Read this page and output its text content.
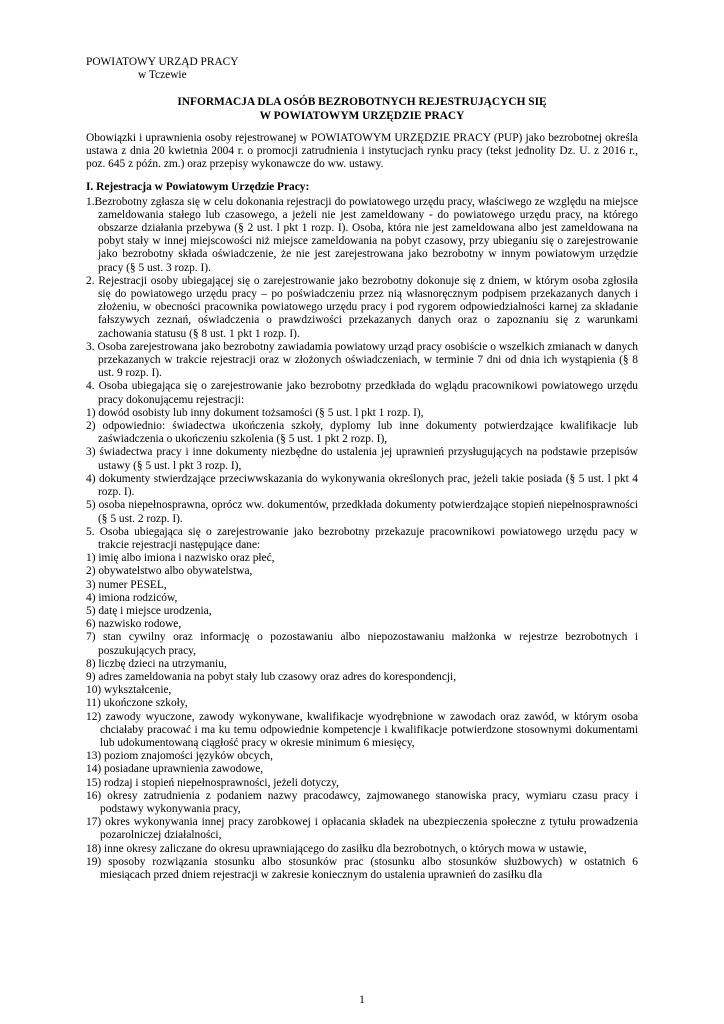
POWIATOWY URZĄD PRACY
w Tczewie
INFORMACJA DLA OSÓB BEZROBOTNYCH REJESTRUJĄCYCH SIĘ
W POWIATOWYM URZĘDZIE PRACY
Obowiązki i uprawnienia osoby rejestrowanej w POWIATOWYM URZĘDZIE PRACY (PUP) jako bezrobotnej określa ustawa z dnia 20 kwietnia 2004 r. o promocji zatrudnienia i instytucjach rynku pracy (tekst jednolity Dz. U. z 2016 r., poz. 645 z późn. zm.) oraz przepisy wykonawcze do ww. ustawy.
I. Rejestracja w Powiatowym Urzędzie Pracy:
1.Bezrobotny zgłasza się w celu dokonania rejestracji do powiatowego urzędu pracy, właściwego ze względu na miejsce zameldowania stałego lub czasowego, a jeżeli nie jest zameldowany - do powiatowego urzędu pracy, na którego obszarze działania przebywa (§ 2 ust. l pkt 1 rozp. I). Osoba, która nie jest zameldowana albo jest zameldowana na pobyt stały w innej miejscowości niż miejsce zameldowania na pobyt czasowy, przy ubieganiu się o zarejestrowanie jako bezrobotny składa oświadczenie, że nie jest zarejestrowana jako bezrobotny w innym powiatowym urzędzie pracy (§ 5 ust. 3 rozp. I).
2. Rejestracji osoby ubiegającej się o zarejestrowanie jako bezrobotny dokonuje się z dniem, w którym osoba zgłosiła się do powiatowego urzędu pracy – po poświadczeniu przez nią własnoręcznym podpisem przekazanych danych i złożeniu, w obecności pracownika powiatowego urzędu pracy i pod rygorem odpowiedzialności karnej za składanie fałszywych zeznań, oświadczenia o prawdziwości przekazanych danych oraz o zapoznaniu się z warunkami zachowania statusu (§ 8 ust. 1 pkt 1 rozp. I).
3. Osoba zarejestrowana jako bezrobotny zawiadamia powiatowy urząd pracy osobiście o wszelkich zmianach w danych przekazanych w trakcie rejestracji oraz w złożonych oświadczeniach, w terminie 7 dni od dnia ich wystąpienia (§ 8 ust. 9 rozp. I).
4. Osoba ubiegająca się o zarejestrowanie jako bezrobotny przedkłada do wglądu pracownikowi powiatowego urzędu pracy dokonującemu rejestracji:
1) dowód osobisty lub inny dokument tożsamości (§ 5 ust. l pkt 1 rozp. I),
2) odpowiednio: świadectwa ukończenia szkoły, dyplomy lub inne dokumenty potwierdzające kwalifikacje lub zaświadczenia o ukończeniu szkolenia (§ 5 ust. 1 pkt 2 rozp. I),
3) świadectwa pracy i inne dokumenty niezbędne do ustalenia jej uprawnień przysługujących na podstawie przepisów ustawy (§ 5 ust. l pkt 3 rozp. I),
4) dokumenty stwierdzające przeciwwskazania do wykonywania określonych prac, jeżeli takie posiada (§ 5 ust. l pkt 4 rozp. I).
5) osoba niepełnosprawna, oprócz ww. dokumentów, przedkłada dokumenty potwierdzające stopień niepełnosprawności (§ 5 ust. 2 rozp. I).
5. Osoba ubiegająca się o zarejestrowanie jako bezrobotny przekazuje pracownikowi powiatowego urzędu pacy w trakcie rejestracji następujące dane:
1) imię albo imiona i nazwisko oraz płeć,
2) obywatelstwo albo obywatelstwa,
3) numer PESEL,
4) imiona rodziców,
5) datę i miejsce urodzenia,
6) nazwisko rodowe,
7) stan cywilny oraz informację o pozostawaniu albo niepozostawaniu małżonka w rejestrze bezrobotnych i poszukujących pracy,
8) liczbę dzieci na utrzymaniu,
9) adres zameldowania na pobyt stały lub czasowy oraz adres do korespondencji,
10) wykształcenie,
11) ukończone szkoły,
12) zawody wyuczone, zawody wykonywane, kwalifikacje wyodrębnione w zawodach oraz zawód, w którym osoba chciałaby pracować i ma ku temu odpowiednie kompetencje i kwalifikacje potwierdzone stosownymi dokumentami lub udokumentowaną ciągłość pracy w okresie minimum 6 miesięcy,
13) poziom znajomości języków obcych,
14) posiadane uprawnienia zawodowe,
15) rodzaj i stopień niepełnosprawności, jeżeli dotyczy,
16) okresy zatrudnienia z podaniem nazwy pracodawcy, zajmowanego stanowiska pracy, wymiaru czasu pracy i podstawy wykonywania pracy,
17) okres wykonywania innej pracy zarobkowej i opłacania składek na ubezpieczenia społeczne z tytułu prowadzenia pozarolniczej działalności,
18) inne okresy zaliczane do okresu uprawniającego do zasiłku dla bezrobotnych, o których mowa w ustawie,
19) sposoby rozwiązania stosunku albo stosunków prac (stosunku albo stosunków służbowych) w ostatnich 6 miesiącach przed dniem rejestracji w zakresie koniecznym do ustalenia uprawnień do zasiłku dla
1
